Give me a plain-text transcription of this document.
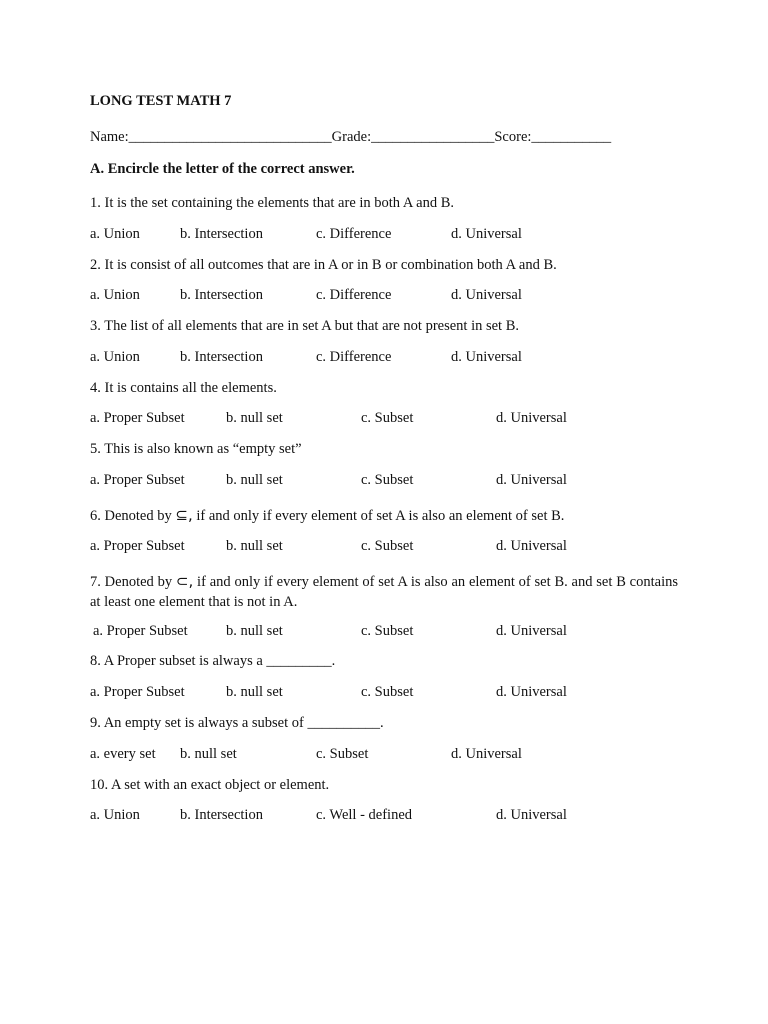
LONG TEST MATH 7
Name:____________________________Grade:_________________Score:___________
A. Encircle the letter of the correct answer.
1. It is the set containing the elements that are in both A and B.
a. Union	b. Intersection	c. Difference	d. Universal
2. It is consist of all outcomes that are in A or in B or combination both A and B.
a. Union	b. Intersection	c. Difference	d. Universal
3. The list of all elements that are in set A but that are not present in set B.
a. Union	b. Intersection	c. Difference	d. Universal
4. It is contains all the elements.
a. Proper Subset	b. null set	c. Subset	d. Universal
5. This is also known as “empty set”
a. Proper Subset	b. null set	c. Subset	d. Universal
6. Denoted by ⊆, if and only if every element of set A is also an element of set B.
a. Proper Subset	b. null set	c. Subset	d. Universal
7. Denoted by ⊂, if and only if every element of set A is also an element of set B. and set B contains at least one element that is not in A.
a. Proper Subset	b. null set	c. Subset	d. Universal
8. A Proper subset is always a _________.
a. Proper Subset	b. null set	c. Subset	d. Universal
9. An empty set is always a subset of __________.
a. every set b. null set	c. Subset	d. Universal
10. A set with an exact object or element.
a. Union	b. Intersection	c. Well - defined	d. Universal
